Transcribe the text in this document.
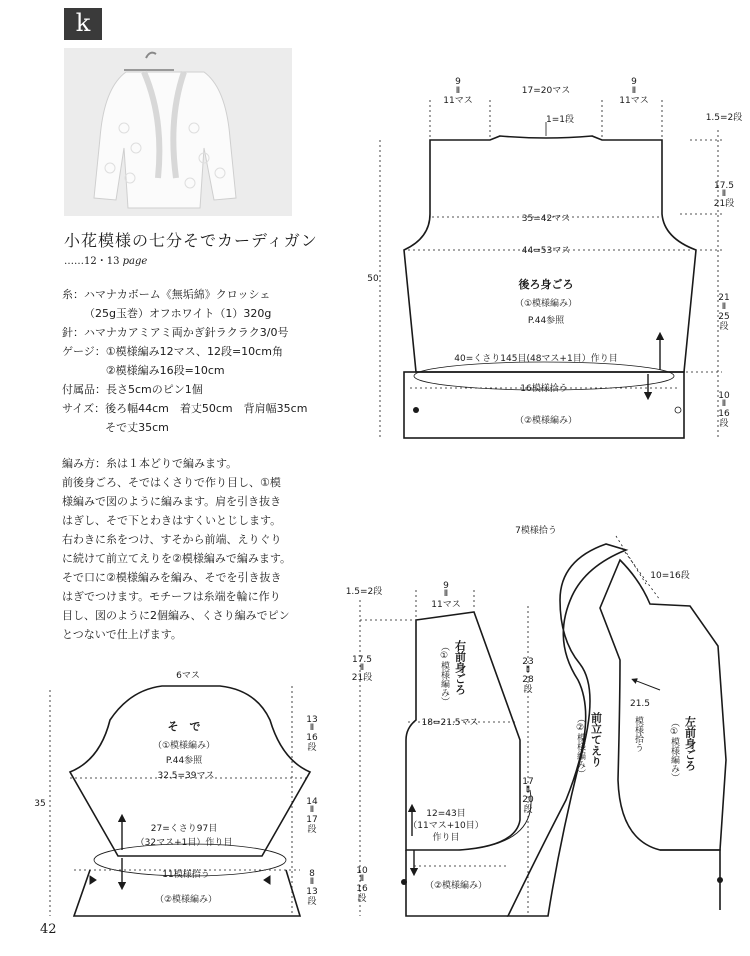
k
小花模様の七分そでカーディガン
……12・13 page
糸： ハマナカボーム《無垢綿》クロッシェ
（25g玉巻）オフホワイト（1）320g
針： ハマナカアミアミ両かぎ針ラクラク3/0号
ゲージ： ①模様編み12マス、12段=10cm角
②模様編み16段=10cm
付属品： 長さ5cmのピン1個
サイズ： 後ろ幅44cm　着丈50cm　背肩幅35cm
そで丈35cm

編み方：糸は１本どりで編みます。

前後身ごろ、そではくさりで作り目し、①模

様編みで図のように編みます。肩を引き抜き

はぎし、そで下とわきはすくいとじします。

右わきに糸をつけ、すそから前端、えりぐり

に続けて前立てえりを②模様編みで編みます。

そで口に②模様編みを編み、そでを引き抜き

はぎでつけます。モチーフは糸端を輪に作り

目し、図のように2個編み、くさり編みでピン

とつないで仕上げます。

42
9
Ⅱ
11マス
17=20マス
9
Ⅱ
11マス
1=1段	1.5=2段
17.5
Ⅱ
21段
35=42マス
44=53マス
後ろ身ごろ
（①模様編み）
P.44参照
21
Ⅱ
25
段
50
40=くさり145目(48マス+1目）作り目
16模様拾う
10
Ⅱ
16
段
（②模様編み）
7模様拾う
10=16段
1.5=2段
9
Ⅱ
11マス
17.5
Ⅱ
21段	右前身ごろ
（①模様編み）	23
Ⅱ
28
段
18=21.5マス
17
Ⅱ
20
段
12=43目
（11マス+10目）
作り目
10
Ⅱ
16
段
（②模様編み）
前立てえり
（②模様編み）
21.5
模様拾う	左前身ごろ
（①模様編み）
6マス
そ　で
（①模様編み）
P.44参照
32.5=39マス
27=くさり97目
（32マス+1目）作り目
11模様拾う
（②模様編み）
13
Ⅱ
16
段
14
Ⅱ
17
段
8
Ⅱ
13
段
35
